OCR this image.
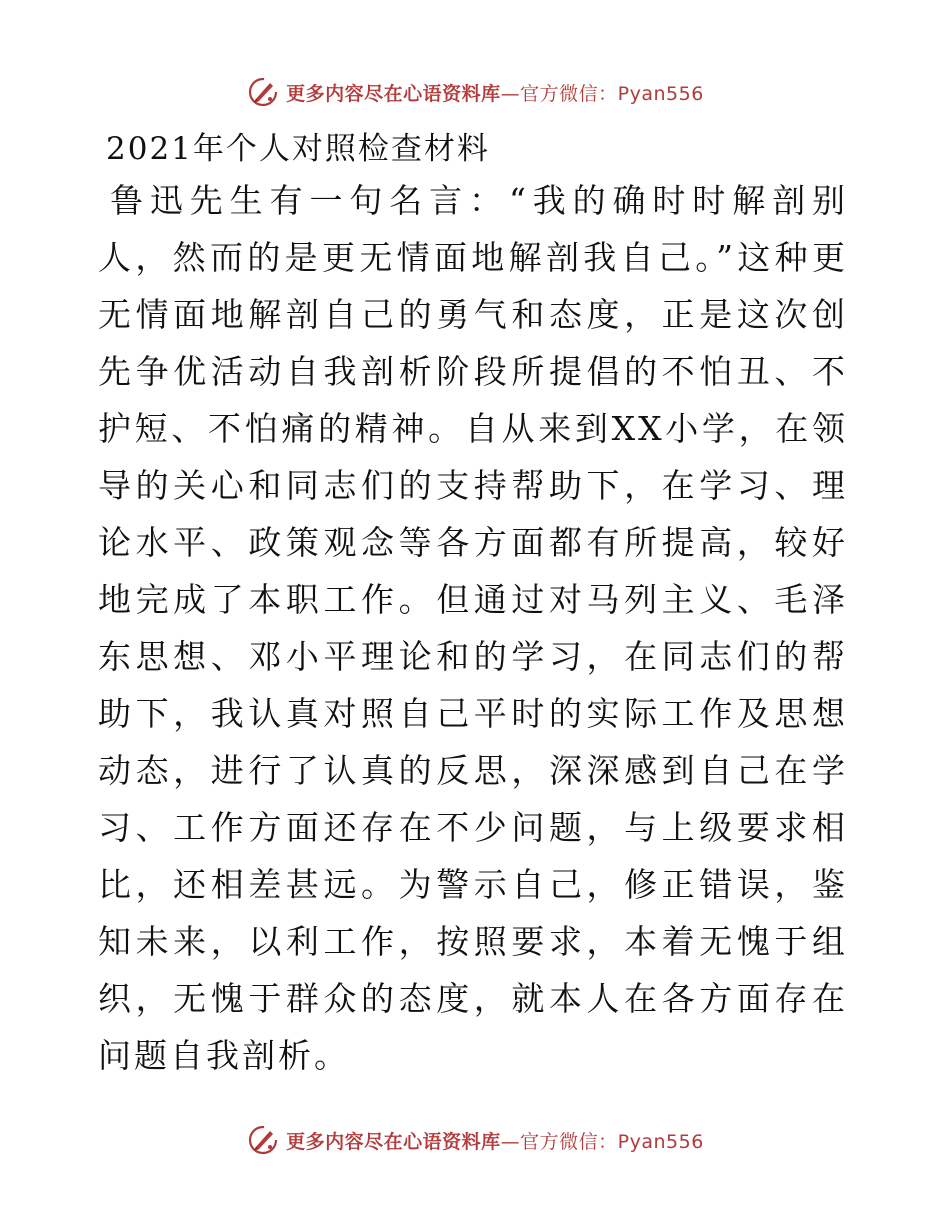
更多内容尽在心语资料库—官方微信：Pyan556
2021年个人对照检查材料

鲁迅先生有一句名言：“我的确时时解剖别人，然而的是更无情面地解剖我自己。”这种更无情面地解剖自己的勇气和态度，正是这次创先争优活动自我剖析阶段所提倡的不怕丑、不护短、不怕痛的精神。自从来到XX小学，在领导的关心和同志们的支持帮助下，在学习、理论水平、政策观念等各方面都有所提高，较好地完成了本职工作。但通过对马列主义、毛泽东思想、邓小平理论和的学习，在同志们的帮助下，我认真对照自己平时的实际工作及思想动态，进行了认真的反思，深深感到自己在学习、工作方面还存在不少问题，与上级要求相比，还相差甚远。为警示自己，修正错误，鉴知未来，以利工作，按照要求，本着无愧于组织，无愧于群众的态度，就本人在各方面存在问题自我剖析。

更多内容尽在心语资料库—官方微信：Pyan556
